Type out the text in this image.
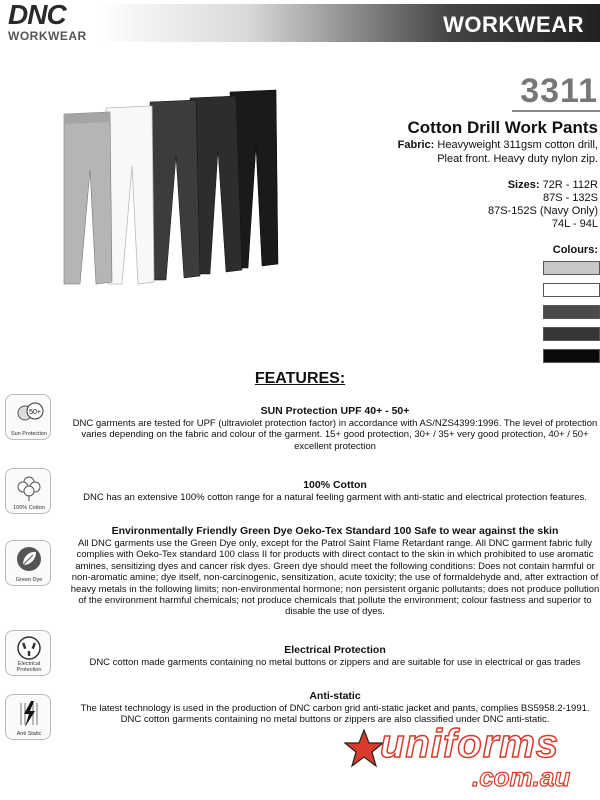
DNC
WORKWEAR	WORKWEAR
3311
Cotton Drill Work Pants
Fabric: Heavyweight 311gsm cotton drill,
Pleat front. Heavy duty nylon zip.
Sizes: 72R - 112R
87S - 132S
87S-152S (Navy Only)
74L - 94L
Colours:
FEATURES:
50+
Sun Protection
SUN Protection UPF 40+ - 50+
DNC garments are tested for UPF (ultraviolet protection factor) in accordance with AS/NZS4399:1996. The level of protection varies depending on the fabric and colour of the garment. 15+ good protection, 30+ / 35+ very good protection, 40+ / 50+ excellent protection
100% Cotton
100% Cotton
DNC has an extensive 100% cotton range for a natural feeling garment with anti-static and electrical protection features.
Green Dye
Environmentally Friendly Green Dye Oeko-Tex Standard 100 Safe to wear against the skin
All DNC garments use the Green Dye only, except for the Patrol Saint Flame Retardant range. All DNC garment fabric fully complies with Oeko-Tex standard 100 class II for products with direct contact to the skin in which prohibited to use aromatic amines, sensitizing dyes and cancer risk dyes. Green dye should meet the following conditions: Does not contain harmful or non-aromatic amine; dye itself, non-carcinogenic, sensitization, acute toxicity; the use of formaldehyde and, after extraction of heavy metals in the following limits; non-environmental hormone; non persistent organic pollutants; does not produce pollution of the environment harmful chemicals; not produce chemicals that pollute the environment; colour fastness and superior to disable the use of dyes.
Electrical Protection
Electrical Protection
DNC cotton made garments containing no metal buttons or zippers and are suitable for use in electrical or gas trades
Anti Static
Anti-static
The latest technology is used in the production of DNC carbon grid anti-static jacket and pants, complies BS5958.2-1991. DNC cotton garments containing no metal buttons or zippers are also classified under DNC anti-static.
uniforms
.com.au
